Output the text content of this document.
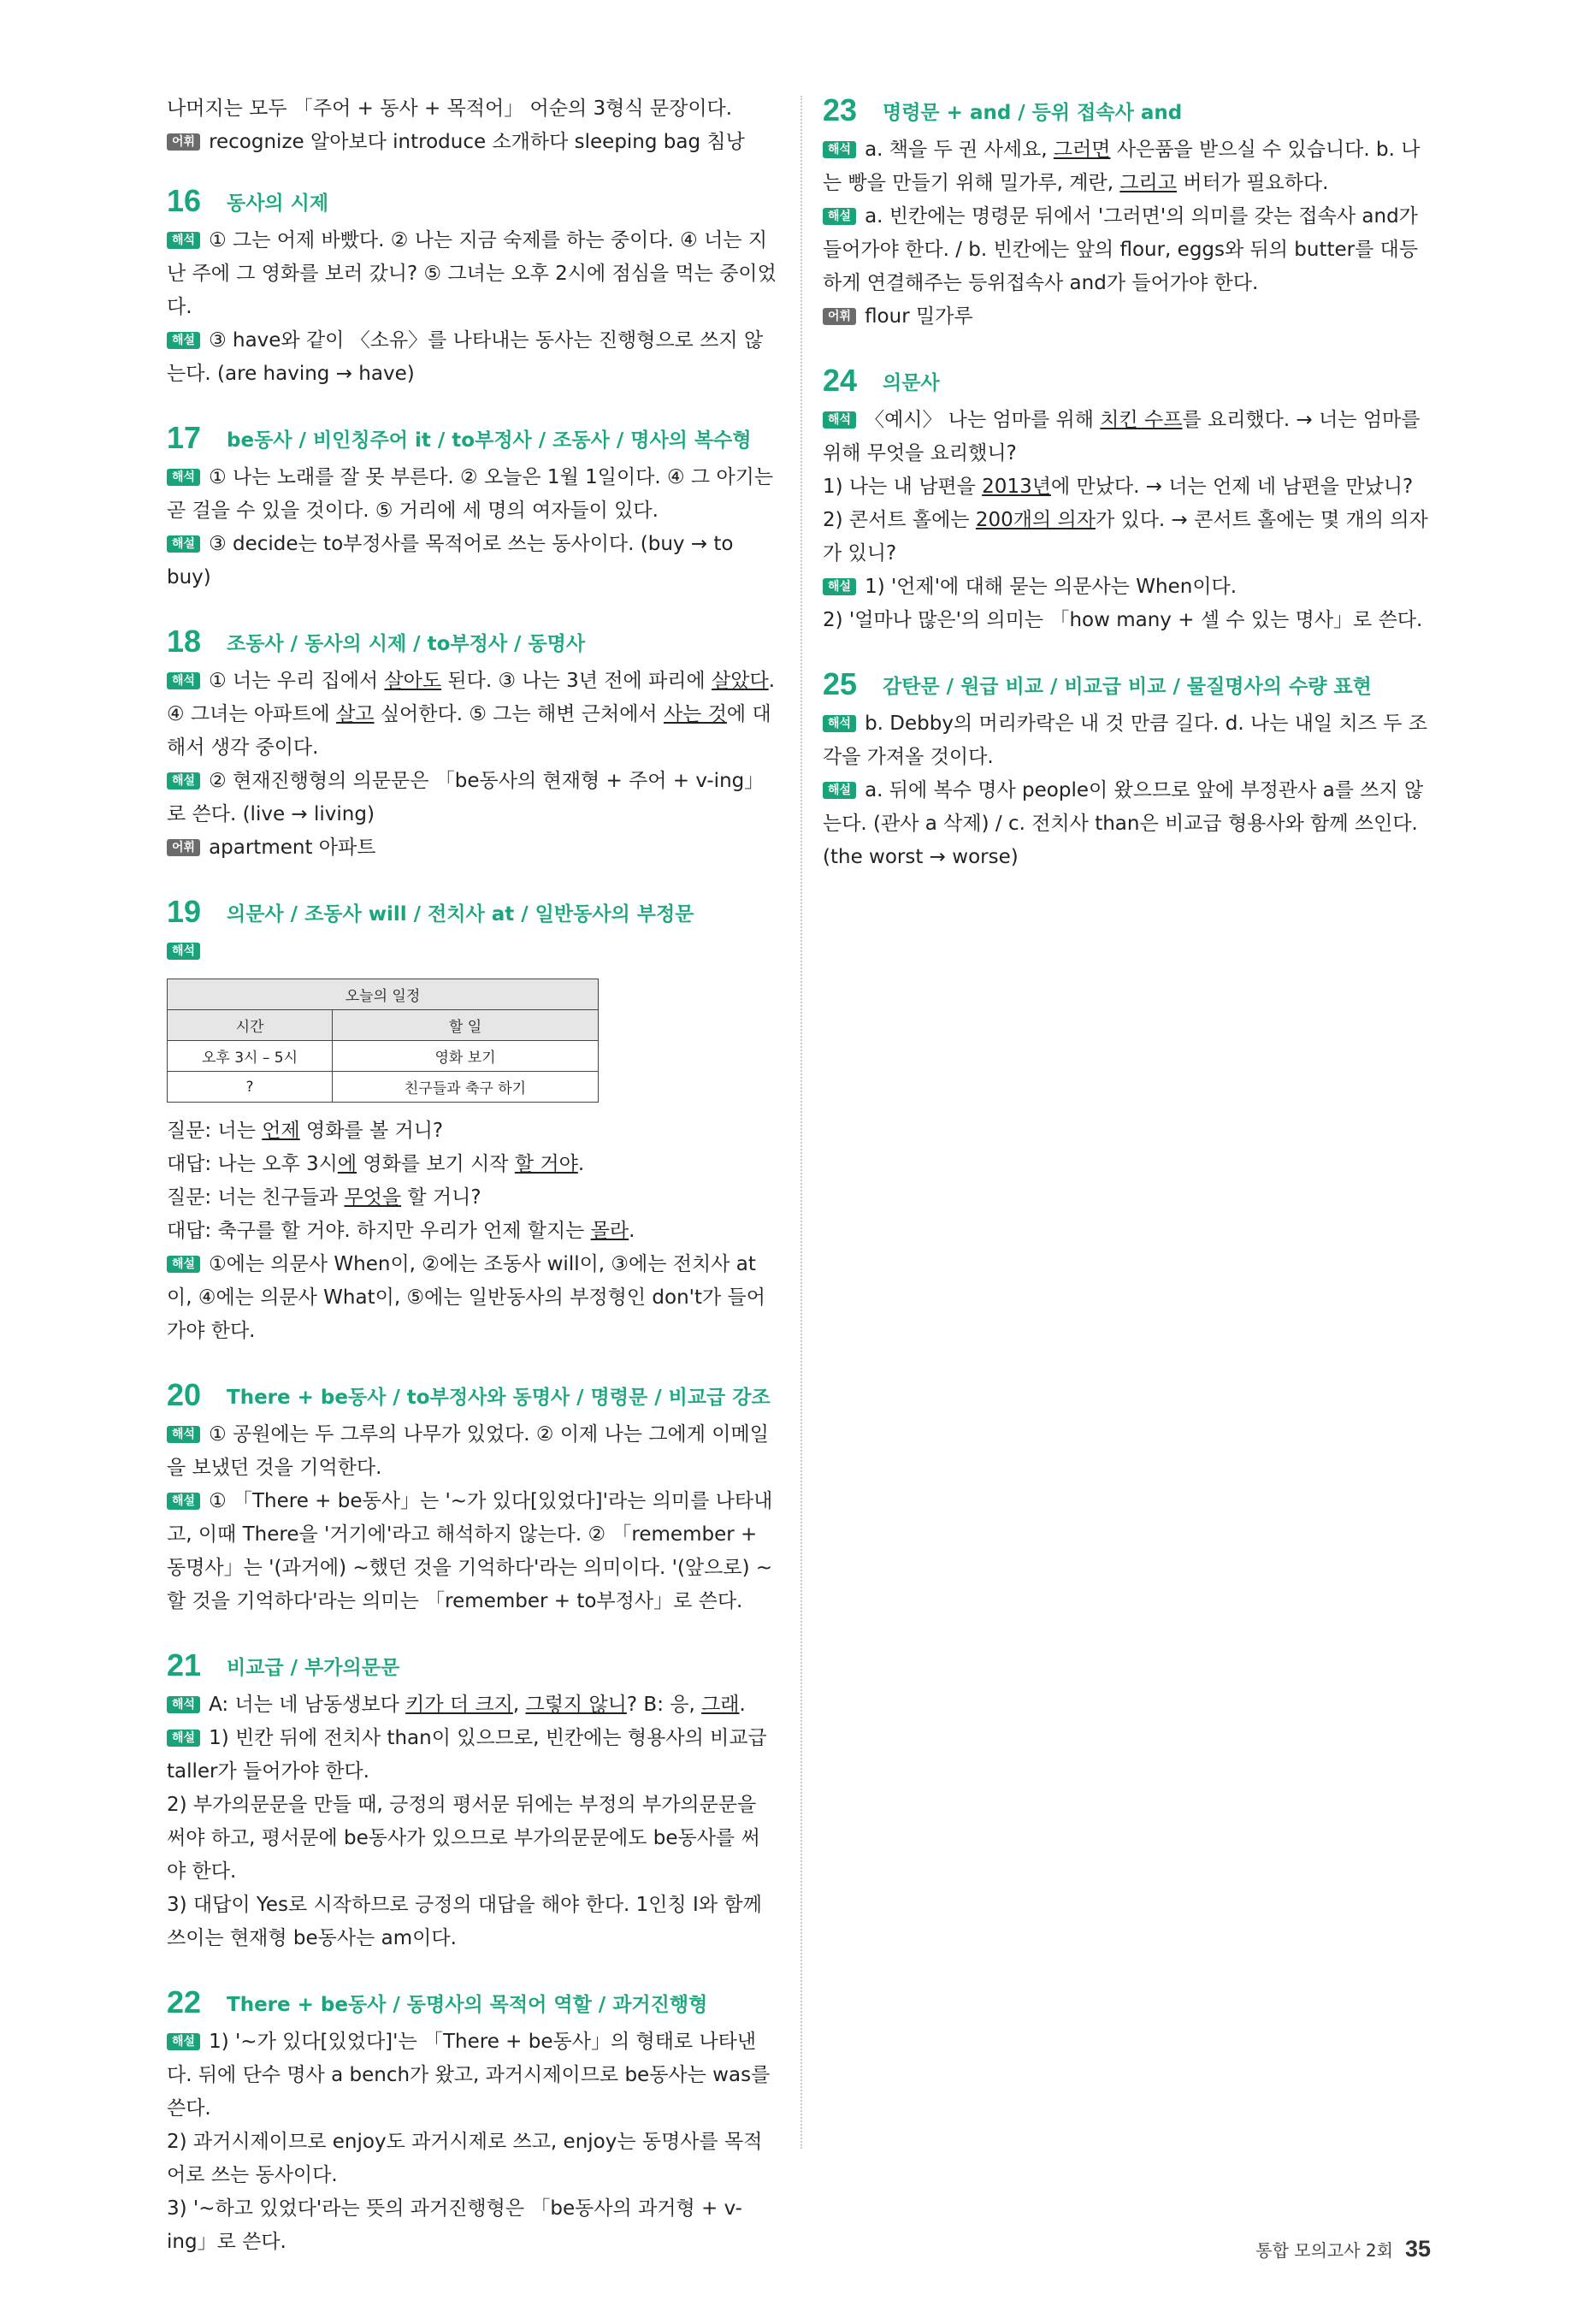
나머지는 모두 「주어 + 동사 + 목적어」 어순의 3형식 문장이다.
어휘 recognize 알아보다 introduce 소개하다 sleeping bag 침낭
16	동사의 시제
해석 ① 그는 어제 바빴다. ② 나는 지금 숙제를 하는 중이다. ④ 너는 지난 주에 그 영화를 보러 갔니? ⑤ 그녀는 오후 2시에 점심을 먹는 중이었다.
해설 ③ have와 같이 〈소유〉를 나타내는 동사는 진행형으로 쓰지 않는다. (are having → have)
17	be동사 / 비인칭주어 it / to부정사 / 조동사 / 명사의 복수형
해석 ① 나는 노래를 잘 못 부른다. ② 오늘은 1월 1일이다. ④ 그 아기는 곧 걸을 수 있을 것이다. ⑤ 거리에 세 명의 여자들이 있다.
해설 ③ decide는 to부정사를 목적어로 쓰는 동사이다. (buy → to buy)
18	조동사 / 동사의 시제 / to부정사 / 동명사
해석 ① 너는 우리 집에서 살아도 된다. ③ 나는 3년 전에 파리에 살았다. ④ 그녀는 아파트에 살고 싶어한다. ⑤ 그는 해변 근처에서 사는 것에 대해서 생각 중이다.
해설 ② 현재진행형의 의문문은 「be동사의 현재형 + 주어 + v-ing」로 쓴다. (live → living)
어휘 apartment 아파트
19	의문사 / 조동사 will / 전치사 at / 일반동사의 부정문
해석
오늘의 일정	
시간	할 일
오후 3시 – 5시	영화 보기
?	친구들과 축구 하기
질문: 너는 언제 영화를 볼 거니?
대답: 나는 오후 3시에 영화를 보기 시작 할 거야.
질문: 너는 친구들과 무엇을 할 거니?
대답: 축구를 할 거야. 하지만 우리가 언제 할지는 몰라.
해설 ①에는 의문사 When이, ②에는 조동사 will이, ③에는 전치사 at이, ④에는 의문사 What이, ⑤에는 일반동사의 부정형인 don't가 들어가야 한다.
20	There + be동사 / to부정사와 동명사 / 명령문 / 비교급 강조
해석 ① 공원에는 두 그루의 나무가 있었다. ② 이제 나는 그에게 이메일을 보냈던 것을 기억한다.
해설 ① 「There + be동사」는 '~가 있다[있었다]'라는 의미를 나타내고, 이때 There을 '거기에'라고 해석하지 않는다. ② 「remember + 동명사」는 '(과거에) ~했던 것을 기억하다'라는 의미이다. '(앞으로) ~할 것을 기억하다'라는 의미는 「remember + to부정사」로 쓴다.
21	비교급 / 부가의문문
해석 A: 너는 네 남동생보다 키가 더 크지, 그렇지 않니? B: 응, 그래.
해설 1) 빈칸 뒤에 전치사 than이 있으므로, 빈칸에는 형용사의 비교급 taller가 들어가야 한다.
2) 부가의문문을 만들 때, 긍정의 평서문 뒤에는 부정의 부가의문문을 써야 하고, 평서문에 be동사가 있으므로 부가의문문에도 be동사를 써야 한다.
3) 대답이 Yes로 시작하므로 긍정의 대답을 해야 한다. 1인칭 I와 함께 쓰이는 현재형 be동사는 am이다.
22	There + be동사 / 동명사의 목적어 역할 / 과거진행형
해설 1) '~가 있다[있었다]'는 「There + be동사」의 형태로 나타낸다. 뒤에 단수 명사 a bench가 왔고, 과거시제이므로 be동사는 was를 쓴다.
2) 과거시제이므로 enjoy도 과거시제로 쓰고, enjoy는 동명사를 목적어로 쓰는 동사이다.
3) '~하고 있었다'라는 뜻의 과거진행형은 「be동사의 과거형 + v-ing」로 쓴다.
23	명령문 + and / 등위 접속사 and
해석 a. 책을 두 권 사세요, 그러면 사은품을 받으실 수 있습니다. b. 나는 빵을 만들기 위해 밀가루, 계란, 그리고 버터가 필요하다.
해설 a. 빈칸에는 명령문 뒤에서 '그러면'의 의미를 갖는 접속사 and가 들어가야 한다. / b. 빈칸에는 앞의 flour, eggs와 뒤의 butter를 대등하게 연결해주는 등위접속사 and가 들어가야 한다.
어휘 flour 밀가루
24	의문사
해석 〈예시〉 나는 엄마를 위해 치킨 수프를 요리했다. → 너는 엄마를 위해 무엇을 요리했니?
1) 나는 내 남편을 2013년에 만났다. → 너는 언제 네 남편을 만났니?
2) 콘서트 홀에는 200개의 의자가 있다. → 콘서트 홀에는 몇 개의 의자가 있니?
해설 1) '언제'에 대해 묻는 의문사는 When이다.
2) '얼마나 많은'의 의미는 「how many + 셀 수 있는 명사」로 쓴다.
25	감탄문 / 원급 비교 / 비교급 비교 / 물질명사의 수량 표현
해석 b. Debby의 머리카락은 내 것 만큼 길다. d. 나는 내일 치즈 두 조각을 가져올 것이다.
해설 a. 뒤에 복수 명사 people이 왔으므로 앞에 부정관사 a를 쓰지 않는다. (관사 a 삭제) / c. 전치사 than은 비교급 형용사와 함께 쓰인다. (the worst → worse)
통합 모의고사 2회 35
